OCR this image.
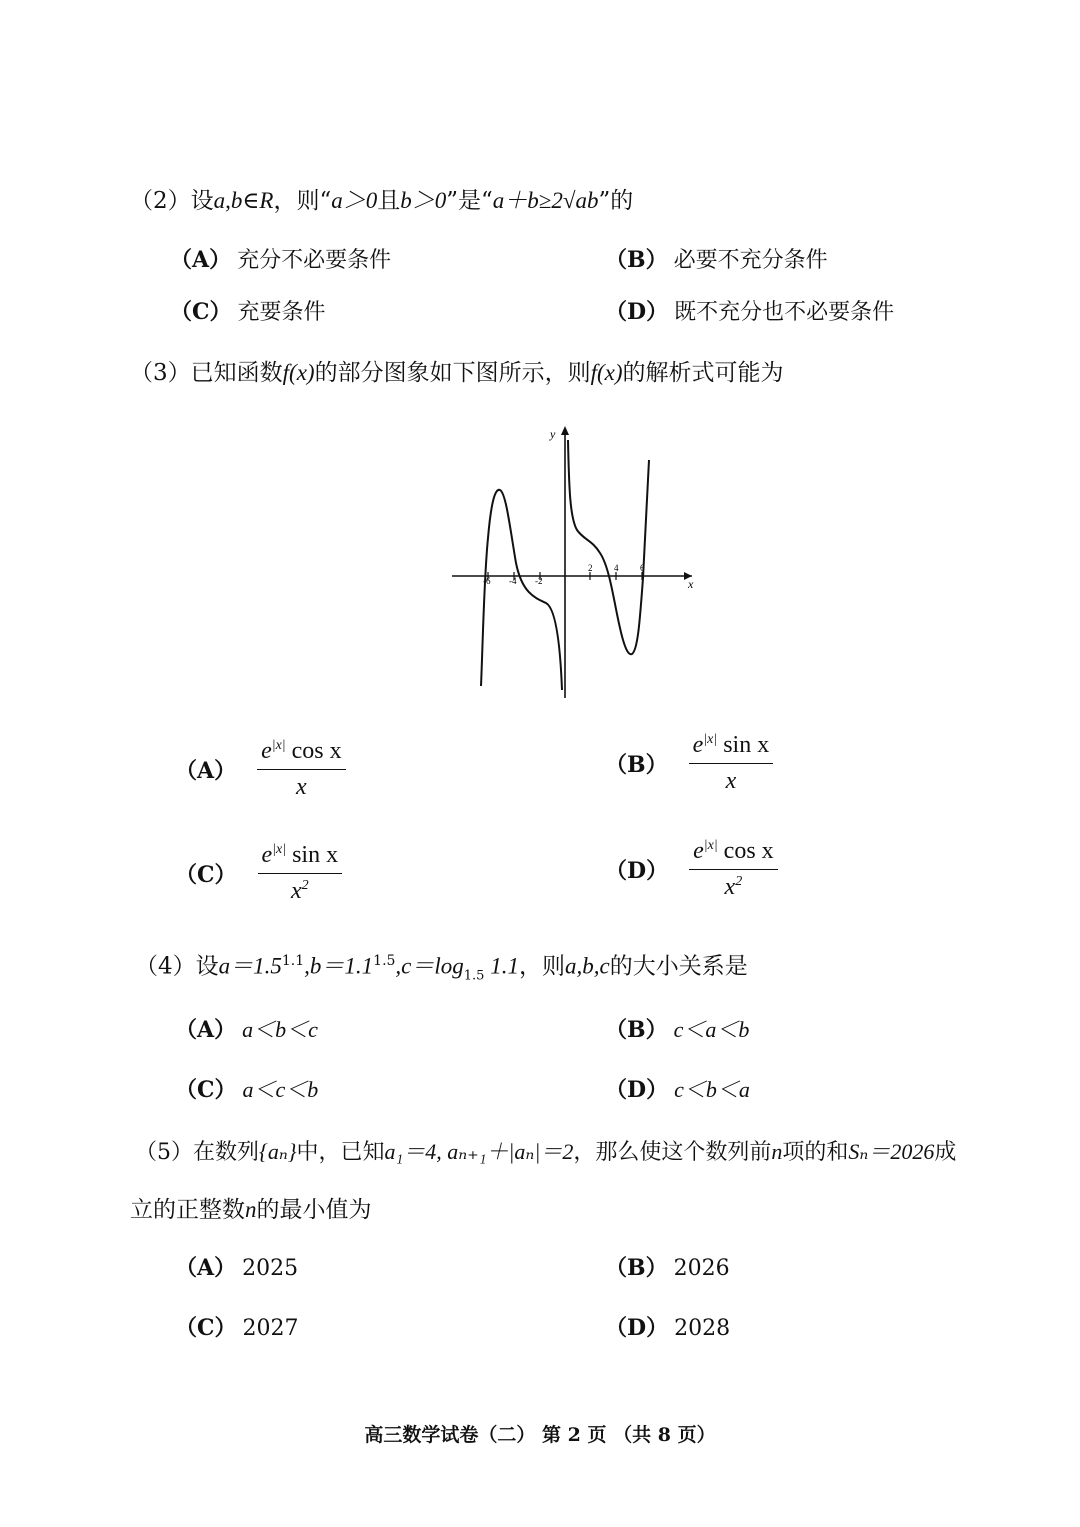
（2）设a,b∈R，则“a＞0且b＞0”是“a＋b≥2√ab”的
（A） 充分不必要条件	（B） 必要不充分条件
（C） 充要条件	（D） 既不充分也不必要条件
（3）已知函数f(x)的部分图象如下图所示，则f(x)的解析式可能为
y
x
-6 -4 -2
2 4 6
$(A) \frac{e^{|x|} \cos x}{x}$	$(B) \frac{e^{|x|} \sin x}{x}$
$(C) \frac{e^{|x|} \sin x}{x^2}$	$(D) \frac{e^{|x|} \cos x}{x^2}$
（4）设$a=1.5^{1.1},b=1.1^{1.5},c=\log_{1.5}$ 1.1，则a,b,c的大小关系是
（A） a＜b＜c	（B） c＜a＜b
（C） a＜c＜b	（D） c＜b＜a
（5）在数列{aₙ}中，已知a₁＝4, aₙ₊₁＋|aₙ|＝2，那么使这个数列前n项的和Sₙ＝2026成
立的正整数n的最小值为
（A） 2025	（B） 2026
（C） 2027	（D） 2028
高三数学试卷（二） 第 2 页 （共 8 页）
